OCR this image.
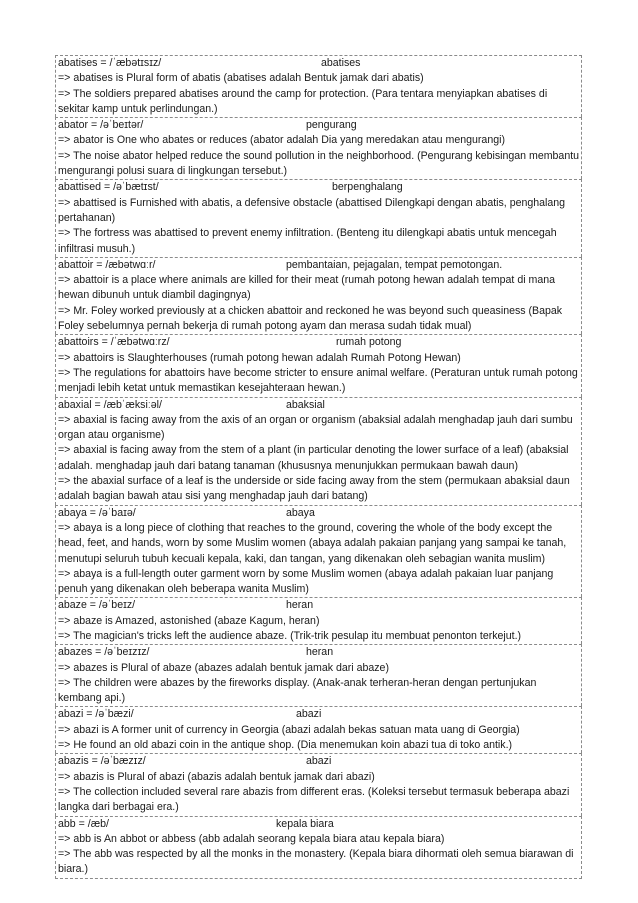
abatises = /ˈæbətɪsɪz/	abatises
=> abatises is Plural form of abatis (abatises adalah Bentuk jamak dari abatis)
=> The soldiers prepared abatises around the camp for protection. (Para tentara menyiapkan abatises di sekitar kamp untuk perlindungan.)
abator = /əˈbeɪtər/	pengurang
=> abator is One who abates or reduces (abator adalah Dia yang meredakan atau mengurangi)
=> The noise abator helped reduce the sound pollution in the neighborhood. (Pengurang kebisingan membantu mengurangi polusi suara di lingkungan tersebut.)
abattised = /əˈbætɪst/	berpenghalang
=> abattised is Furnished with abatis, a defensive obstacle (abattised Dilengkapi dengan abatis, penghalang pertahanan)
=> The fortress was abattised to prevent enemy infiltration. (Benteng itu dilengkapi abatis untuk mencegah infiltrasi musuh.)
abattoir = /æbətwɑːr/	pembantaian, pejagalan, tempat pemotongan.
=> abattoir is a place where animals are killed for their meat (rumah potong hewan adalah tempat di mana hewan dibunuh untuk diambil dagingnya)
=> Mr. Foley worked previously at a chicken abattoir and reckoned he was beyond such queasiness (Bapak Foley sebelumnya pernah bekerja di rumah potong ayam dan merasa sudah tidak mual)
abattoirs = /ˈæbətwɑːrz/	rumah potong
=> abattoirs is Slaughterhouses (rumah potong hewan adalah Rumah Potong Hewan)
=> The regulations for abattoirs have become stricter to ensure animal welfare. (Peraturan untuk rumah potong menjadi lebih ketat untuk memastikan kesejahteraan hewan.)
abaxial = /æbˈæksiːəl/	abaksial
=> abaxial is facing away from the axis of an organ or organism (abaksial adalah menghadap jauh dari sumbu organ atau organisme)
=> abaxial is facing away from the stem of a plant (in particular denoting the lower surface of a leaf) (abaksial adalah. menghadap jauh dari batang tanaman (khususnya menunjukkan permukaan bawah daun)
=> the abaxial surface of a leaf is the underside or side facing away from the stem (permukaan abaksial daun adalah bagian bawah atau sisi yang menghadap jauh dari batang)
abaya = /əˈbaɪə/	abaya
=> abaya is a long piece of clothing that reaches to the ground, covering the whole of the body except the head, feet, and hands, worn by some Muslim women (abaya adalah pakaian panjang yang sampai ke tanah, menutupi seluruh tubuh kecuali kepala, kaki, dan tangan, yang dikenakan oleh sebagian wanita muslim)
=> abaya is a full-length outer garment worn by some Muslim women (abaya adalah pakaian luar panjang penuh yang dikenakan oleh beberapa wanita Muslim)
abaze = /əˈbeɪz/	heran
=> abaze is Amazed, astonished (abaze Kagum, heran)
=> The magician's tricks left the audience abaze. (Trik-trik pesulap itu membuat penonton terkejut.)
abazes = /əˈbeɪzɪz/	heran
=> abazes is Plural of abaze (abazes adalah bentuk jamak dari abaze)
=> The children were abazes by the fireworks display. (Anak-anak terheran-heran dengan pertunjukan kembang api.)
abazi = /əˈbæzi/	abazi
=> abazi is A former unit of currency in Georgia (abazi adalah bekas satuan mata uang di Georgia)
=> He found an old abazi coin in the antique shop. (Dia menemukan koin abazi tua di toko antik.)
abazis = /əˈbæzɪz/	abazi
=> abazis is Plural of abazi (abazis adalah bentuk jamak dari abazi)
=> The collection included several rare abazis from different eras. (Koleksi tersebut termasuk beberapa abazi langka dari berbagai era.)
abb = /æb/	kepala biara
=> abb is An abbot or abbess (abb adalah seorang kepala biara atau kepala biara)
=> The abb was respected by all the monks in the monastery. (Kepala biara dihormati oleh semua biarawan di biara.)
